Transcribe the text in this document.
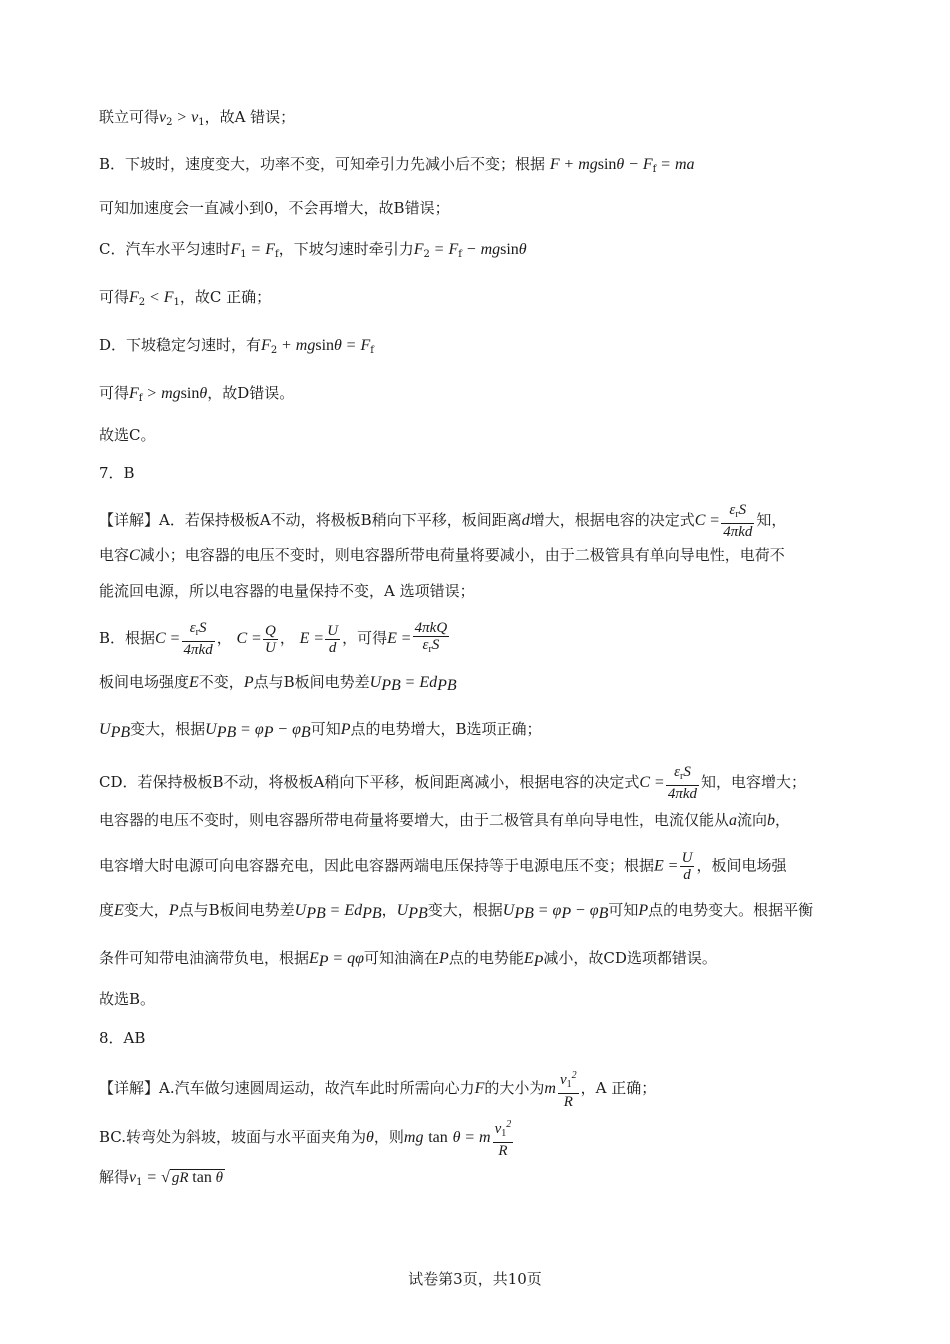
联立可得$v_2 > v_1$，故A 错误；
B．下坡时，速度变大，功率不变，可知牵引力先减小后不变；根据 $F + mgsin\theta - F_f$ = ma
可知加速度会一直减小到0，不会再增大，故B错误；
C．汽车水平匀速时$F_1 = F_f$，下坡匀速时牵引力$F_2 = F_f - mgsin\theta$
可得$F_2 < F_1$，故C 正确；
D．下坡稳定匀速时，有$F_2 + mgsin\theta = F_f$
可得$F_f > mgsin\theta$，故D错误。
故选C。
7．B
【详解】A．若保持极板A不动，将极板B稍向下平移，板间距离d增大，根据电容的决定式$C = \frac{\varepsilon_rS}{\text{4πkd}}$ 知，
电容C减小；电容器的电压不变时，则电容器所带电荷量将要减小，由于二极管具有单向导电性，电荷不
能流回电源，所以电容器的电量保持不变，A 选项错误；
B．根据$C = \frac{\varepsilon_rS}{\text{4πkd}}$ ， $C = \frac{Q}{U}$ ， $E = \frac{U}{d}$ ，可得$E = \frac{\text{4πkQ}}{\varepsilon_rS}$
板间电场强度E不变，P点与B板间电势差$U_{PB} = Ed_{PB}$
$U_{PB}$变大，根据$U_{PB} = \varphi_P - \varphi_B$可知P点的电势增大，B选项正确；
CD．若保持极板B不动，将极板A稍向下平移，板间距离减小，根据电容的决定式$C = \frac{\varepsilon_rS}{\text{4πkd}}$ 知，电容增大；
电容器的电压不变时，则电容器所带电荷量将要增大，由于二极管具有单向导电性，电流仅能从a流向b，
电容增大时电源可向电容器充电，因此电容器两端电压保持等于电源电压不变；根据$E = \frac{U}{d}$ ，板间电场强
度E变大，P点与B板间电势差$U_{PB} = Ed_{PB}$，$U_{PB}$变大，根据$U_{PB} = \varphi_P - \varphi_B$可知P点的电势变大。根据平衡
条件可知带电油滴带负电，根据$E_P = q\varphi$可知油滴在P点的电势能$E_P$减小，故CD选项都错误。
故选B。
8．AB
【详解】A.汽车做匀速圆周运动，故汽车此时所需向心力F的大小为m $\frac{v_1^2}{R}$ ，A 正确；
BC.转弯处为斜坡，坡面与水平面夹角为θ，则mg tan θ = m $\frac{v_1^2}{R}$
解得$v_1$ = √ gR tan θ
试卷第3页，共10页
